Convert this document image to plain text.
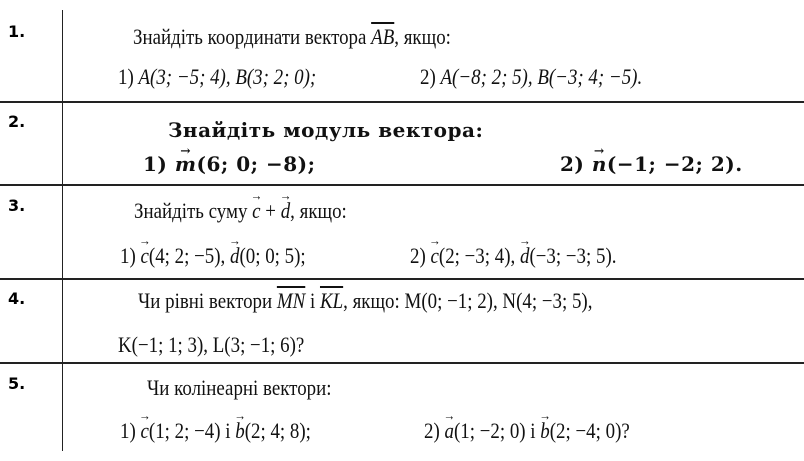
1.	Знайдіть координати вектора $\overline{AB}$, якщо:
1) A(3; −5; 4), B(3; 2; 0);	2) A(−8; 2; 5), B(−3; 4; −5).
2.	Знайдіть модуль вектора:
1) → m(6; 0; −8);	2) → n(−1; −2; 2).
3.	Знайдіть суму → c + → d, якщо:
1) → c(4; 2; −5), → d(0; 0; 5);	2) → c(2; −3; 4), → d(−3; −3; 5).
4.	Чи рівні вектори $\overline{MN}$ і $\overline{KL}$, якщо: M(0; −1; 2), N(4; −3; 5),
K(−1; 1; 3), L(3; −1; 6)?
5.	Чи колінеарні вектори:
1) → c(1; 2; −4) і → b(2; 4; 8);	2) → a(1; −2; 0) і → b(2; −4; 0)?
